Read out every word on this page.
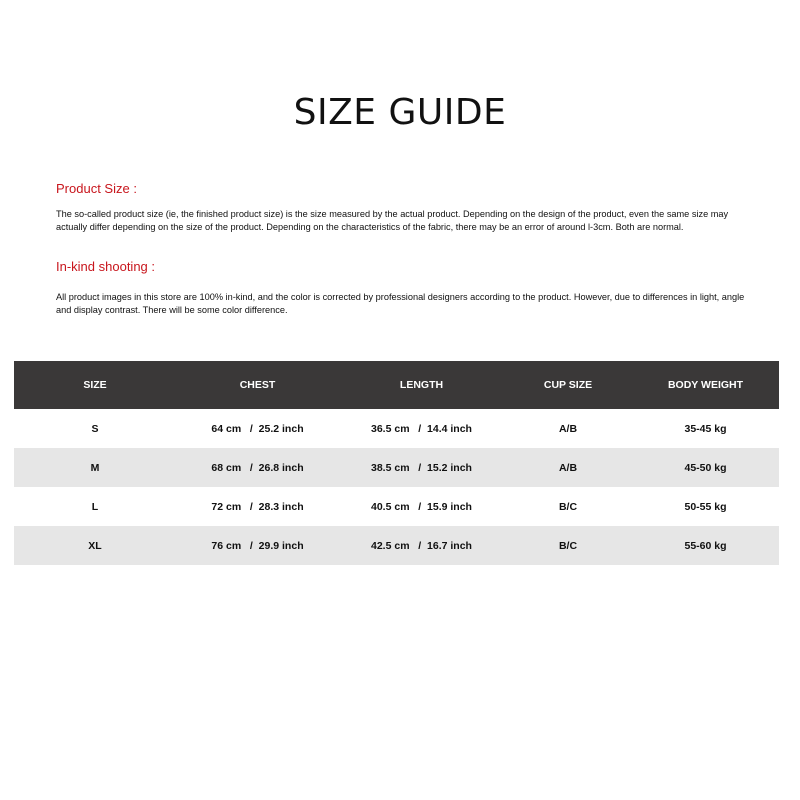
SIZE GUIDE
Product Size :
The so-called product size (ie, the finished product size) is the size measured by the actual product. Depending on the design of the product, even the same size may actually differ depending on the size of the product. Depending on the characteristics of the fabric, there may be an error of around l-3cm. Both are normal.
In-kind shooting :
All product images in this store are 100% in-kind, and the color is corrected by professional designers according to the product. However, due to differences in light, angle and display contrast. There will be some color difference.
SIZE	CHEST	LENGTH	CUP SIZE	BODY WEIGHT
S	64 cm   /  25.2 inch	36.5 cm   /  14.4 inch	A/B	35-45 kg
M	68 cm   /  26.8 inch	38.5 cm   /  15.2 inch	A/B	45-50 kg
L	72 cm   /  28.3 inch	40.5 cm   /  15.9 inch	B/C	50-55 kg
XL	76 cm   /  29.9 inch	42.5 cm   /  16.7 inch	B/C	55-60 kg
